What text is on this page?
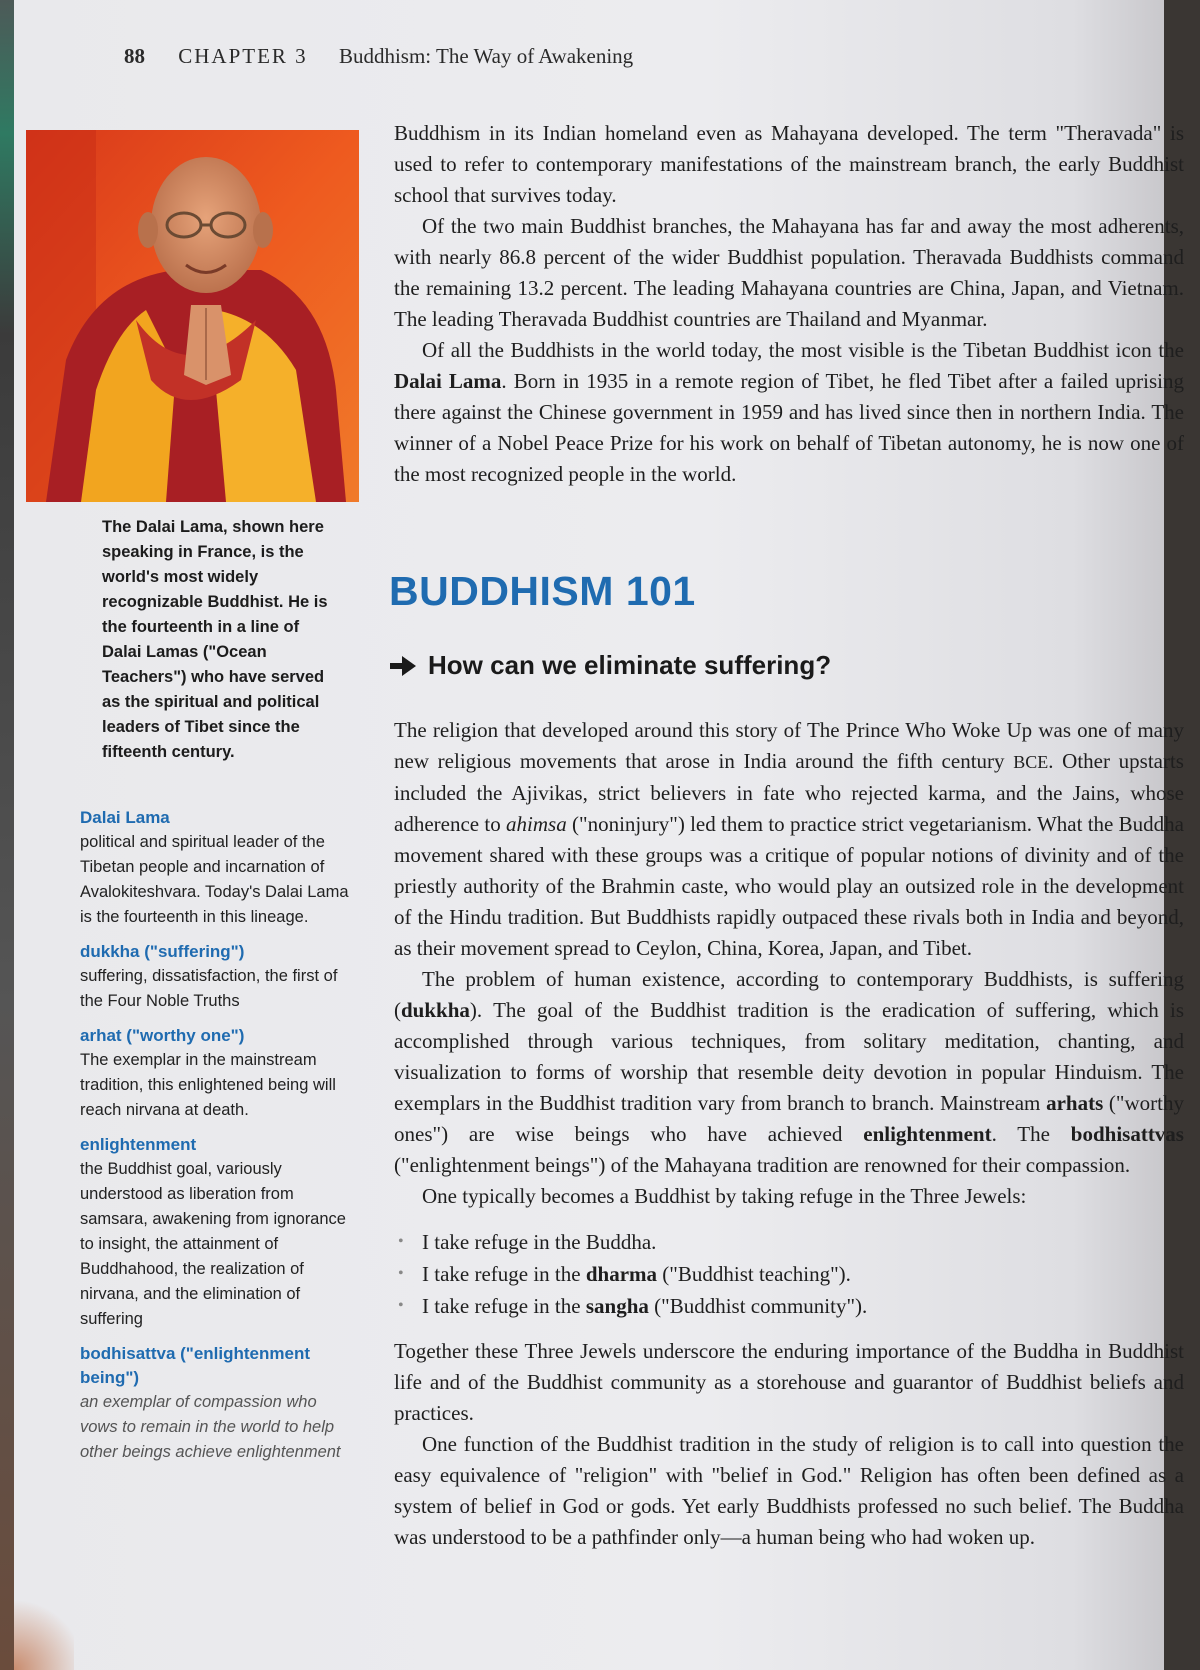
88 CHAPTER 3 Buddhism: The Way of Awakening
The Dalai Lama, shown here speaking in France, is the world's most widely recognizable Buddhist. He is the fourteenth in a line of Dalai Lamas ("Ocean Teachers") who have served as the spiritual and political leaders of Tibet since the fifteenth century.
Dalai Lama
political and spiritual leader of the Tibetan people and incarnation of Avalokiteshvara. Today's Dalai Lama is the fourteenth in this lineage.
dukkha ("suffering")
suffering, dissatisfaction, the first of the Four Noble Truths
arhat ("worthy one")
The exemplar in the mainstream tradition, this enlightened being will reach nirvana at death.
enlightenment
the Buddhist goal, variously understood as liberation from samsara, awakening from ignorance to insight, the attainment of Buddhahood, the realization of nirvana, and the elimination of suffering
bodhisattva ("enlightenment being")
an exemplar of compassion who vows to remain in the world to help other beings achieve enlightenment

Buddhism in its Indian homeland even as Mahayana developed. The term "Theravada" is used to refer to contemporary manifestations of the mainstream branch, the early Buddhist school that survives today.

Of the two main Buddhist branches, the Mahayana has far and away the most adherents, with nearly 86.8 percent of the wider Buddhist population. Theravada Buddhists command the remaining 13.2 percent. The leading Mahayana countries are China, Japan, and Vietnam. The leading Theravada Buddhist countries are Thailand and Myanmar.

Of all the Buddhists in the world today, the most visible is the Tibetan Buddhist icon the Dalai Lama. Born in 1935 in a remote region of Tibet, he fled Tibet after a failed uprising there against the Chinese government in 1959 and has lived since then in northern India. The winner of a Nobel Peace Prize for his work on behalf of Tibetan autonomy, he is now one of the most recognized people in the world.

BUDDHISM 101
How can we eliminate suffering?

The religion that developed around this story of The Prince Who Woke Up was one of many new religious movements that arose in India around the fifth century BCE. Other upstarts included the Ajivikas, strict believers in fate who rejected karma, and the Jains, whose adherence to ahimsa ("noninjury") led them to practice strict vegetarianism. What the Buddha movement shared with these groups was a critique of popular notions of divinity and of the priestly authority of the Brahmin caste, who would play an outsized role in the development of the Hindu tradition. But Buddhists rapidly outpaced these rivals both in India and beyond, as their movement spread to Ceylon, China, Korea, Japan, and Tibet.

The problem of human existence, according to contemporary Buddhists, is suffering (dukkha). The goal of the Buddhist tradition is the eradication of suffering, which is accomplished through various techniques, from solitary meditation, chanting, and visualization to forms of worship that resemble deity devotion in popular Hinduism. The exemplars in the Buddhist tradition vary from branch to branch. Mainstream arhats ("worthy ones") are wise beings who have achieved enlightenment. The bodhisattvas ("enlightenment beings") of the Mahayana tradition are renowned for their compassion.

One typically becomes a Buddhist by taking refuge in the Three Jewels:

• I take refuge in the Buddha.
• I take refuge in the dharma ("Buddhist teaching").
• I take refuge in the sangha ("Buddhist community").

Together these Three Jewels underscore the enduring importance of the Buddha in Buddhist life and of the Buddhist community as a storehouse and guarantor of Buddhist beliefs and practices.

One function of the Buddhist tradition in the study of religion is to call into question the easy equivalence of "religion" with "belief in God." Religion has often been defined as a system of belief in God or gods. Yet early Buddhists professed no such belief. The Buddha was understood to be a pathfinder only—a human being who had woken up.
